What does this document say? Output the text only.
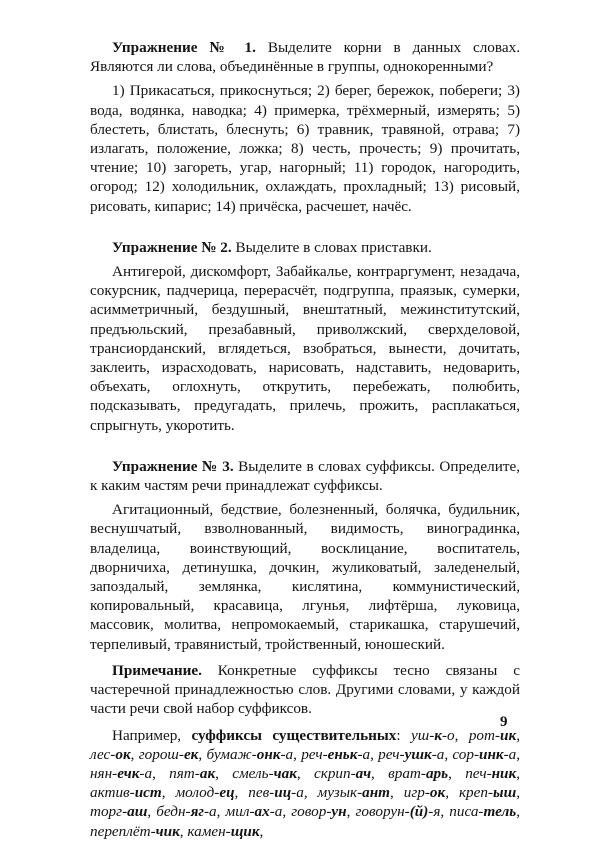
Упражнение № 1. Выделите корни в данных словах. Являются ли слова, объединённые в группы, однокоренными?

1) Прикасаться, прикоснуться; 2) берег, бережок, побереги; 3) вода, водянка, наводка; 4) примерка, трёхмерный, измерять; 5) блестеть, блистать, блеснуть; 6) травник, травяной, отрава; 7) излагать, положение, ложка; 8) честь, прочесть; 9) прочитать, чтение; 10) загореть, угар, нагорный; 11) городок, нагородить, огород; 12) холодильник, охлаждать, прохладный; 13) рисовый, рисовать, кипарис; 14) причёска, расчешет, начёс.

Упражнение № 2. Выделите в словах приставки.

Антигерой, дискомфорт, Забайкалье, контраргумент, незадача, сокурсник, падчерица, перерасчёт, подгруппа, праязык, сумерки, асимметричный, бездушный, внештатный, межинститутский, предъюльский, презабавный, приволжский, сверхделовой, трансиорданский, вглядеться, взобраться, вынести, дочитать, заклеить, израсходовать, нарисовать, надставить, недоварить, объехать, оглохнуть, открутить, перебежать, полюбить, подсказывать, предугадать, прилечь, прожить, расплакаться, спрыгнуть, укоротить.

Упражнение № 3. Выделите в словах суффиксы. Определите, к каким частям речи принадлежат суффиксы.

Агитационный, бедствие, болезненный, болячка, будильник, веснушчатый, взволнованный, видимость, виноградинка, владелица, воинствующий, восклицание, воспитатель, дворничиха, детинушка, дочкин, жуликоватый, заледенелый, запоздалый, землянка, кислятина, коммунистический, копировальный, красавица, лгунья, лифтёрша, луковица, массовик, молитва, непромокаемый, старикашка, старушечий, терпеливый, травянистый, тройственный, юношеский.

Примечание. Конкретные суффиксы тесно связаны с частеречной принадлежностью слов. Другими словами, у каждой части речи свой набор суффиксов.

Например, суффиксы существительных: уш-к-о, рот-ик, лес-ок, горош-ек, бумаж-онк-а, реч-еньк-а, реч-ушк-а, сор-инк-а, нян-ечк-а, пят-ак, смель-чак, скрип-ач, врат-арь, печ-ник, актив-ист, молод-ец, пев-иц-а, музык-ант, игр-ок, креп-ыш, торг-аш, бедн-яг-а, мил-ах-а, говор-ун, говорун-(й)-я, писа-тель, переплёт-чик, камен-щик,

9
